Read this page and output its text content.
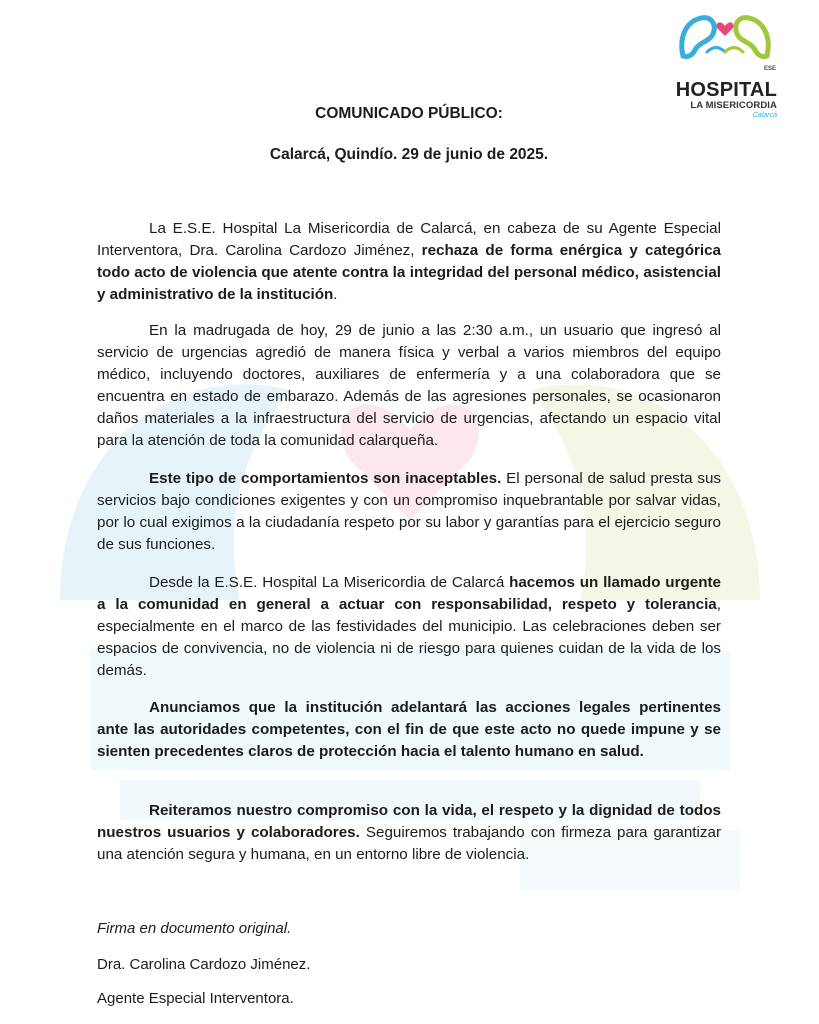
ESEHOSPITAL
LA MISERICORDIA
Calarcá
COMUNICADO PÚBLICO:
Calarcá, Quindío. 29 de junio de 2025.

La E.S.E. Hospital La Misericordia de Calarcá, en cabeza de su Agente Especial Interventora, Dra. Carolina Cardozo Jiménez, rechaza de forma enérgica y categórica todo acto de violencia que atente contra la integridad del personal médico, asistencial y administrativo de la institución.

En la madrugada de hoy, 29 de junio a las 2:30 a.m., un usuario que ingresó al servicio de urgencias agredió de manera física y verbal a varios miembros del equipo médico, incluyendo doctores, auxiliares de enfermería y a una colaboradora que se encuentra en estado de embarazo. Además de las agresiones personales, se ocasionaron daños materiales a la infraestructura del servicio de urgencias, afectando un espacio vital para la atención de toda la comunidad calarqueña.

Este tipo de comportamientos son inaceptables. El personal de salud presta sus servicios bajo condiciones exigentes y con un compromiso inquebrantable por salvar vidas, por lo cual exigimos a la ciudadanía respeto por su labor y garantías para el ejercicio seguro de sus funciones.

Desde la E.S.E. Hospital La Misericordia de Calarcá hacemos un llamado urgente a la comunidad en general a actuar con responsabilidad, respeto y tolerancia, especialmente en el marco de las festividades del municipio. Las celebraciones deben ser espacios de convivencia, no de violencia ni de riesgo para quienes cuidan de la vida de los demás.

Anunciamos que la institución adelantará las acciones legales pertinentes ante las autoridades competentes, con el fin de que este acto no quede impune y se sienten precedentes claros de protección hacia el talento humano en salud.

Reiteramos nuestro compromiso con la vida, el respeto y la dignidad de todos nuestros usuarios y colaboradores. Seguiremos trabajando con firmeza para garantizar una atención segura y humana, en un entorno libre de violencia.

Firma en documento original.

Dra. Carolina Cardozo Jiménez.

Agente Especial Interventora.
